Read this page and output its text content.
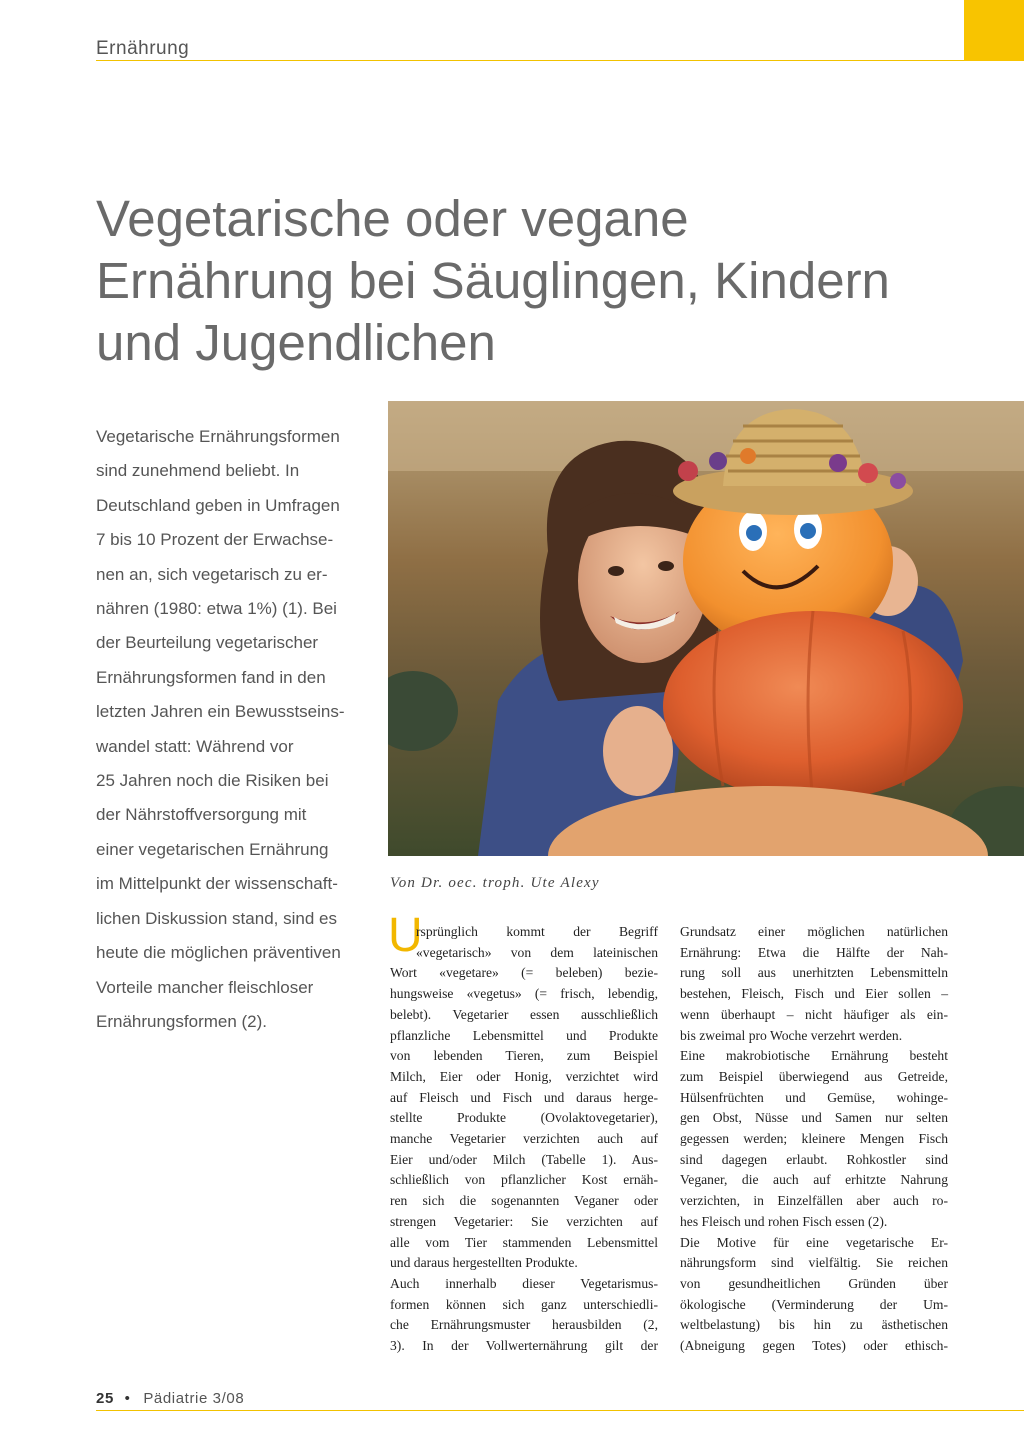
Ernährung
Vegetarische oder vegane
Ernährung bei Säuglingen, Kindern
und Jugendlichen

Vegetarische Ernährungsformen
sind zunehmend beliebt. In
Deutschland geben in Umfragen
7 bis 10 Prozent der Erwachse-
nen an, sich vegetarisch zu er-
nähren (1980: etwa 1%) (1). Bei
der Beurteilung vegetarischer
Ernährungsformen fand in den
letzten Jahren ein Bewusstseins-
wandel statt: Während vor
25 Jahren noch die Risiken bei
der Nährstoffversorgung mit
einer vegetarischen Ernährung
im Mittelpunkt der wissenschaft-
lichen Diskussion stand, sind es
heute die möglichen präventiven
Vorteile mancher fleischloser
Ernährungsformen (2).

Von Dr. oec. troph. Ute Alexy

U
rsprünglich kommt der Begriff
«vegetarisch» von dem lateinischen
Wort «vegetare» (= beleben) bezie-
hungsweise «vegetus» (= frisch, lebendig,
belebt). Vegetarier essen ausschließlich
pflanzliche Lebensmittel und Produkte
von lebenden Tieren, zum Beispiel
Milch, Eier oder Honig, verzichtet wird
auf Fleisch und Fisch und daraus herge-
stellte Produkte (Ovolaktovegetarier),
manche Vegetarier verzichten auch auf
Eier und/oder Milch (Tabelle 1). Aus-
schließlich von pflanzlicher Kost ernäh-
ren sich die sogenannten Veganer oder
strengen Vegetarier: Sie verzichten auf
alle vom Tier stammenden Lebensmittel
und daraus hergestellten Produkte.
Auch innerhalb dieser Vegetarismus-
formen können sich ganz unterschiedli-
che Ernährungsmuster herausbilden (2,
3). In der Vollwerternährung gilt der
Grundsatz einer möglichen natürlichen
Ernährung: Etwa die Hälfte der Nah-
rung soll aus unerhitzten Lebensmitteln
bestehen, Fleisch, Fisch und Eier sollen –
wenn überhaupt – nicht häufiger als ein-
bis zweimal pro Woche verzehrt werden.
Eine makrobiotische Ernährung besteht
zum Beispiel überwiegend aus Getreide,
Hülsenfrüchten und Gemüse, wohinge-
gen Obst, Nüsse und Samen nur selten
gegessen werden; kleinere Mengen Fisch
sind dagegen erlaubt. Rohkostler sind
Veganer, die auch auf erhitzte Nahrung
verzichten, in Einzelfällen aber auch ro-
hes Fleisch und rohen Fisch essen (2).
Die Motive für eine vegetarische Er-
nährungsform sind vielfältig. Sie reichen
von gesundheitlichen Gründen über
ökologische (Verminderung der Um-
weltbelastung) bis hin zu ästhetischen
(Abneigung gegen Totes) oder ethisch-
25 • Pädiatrie 3/08
